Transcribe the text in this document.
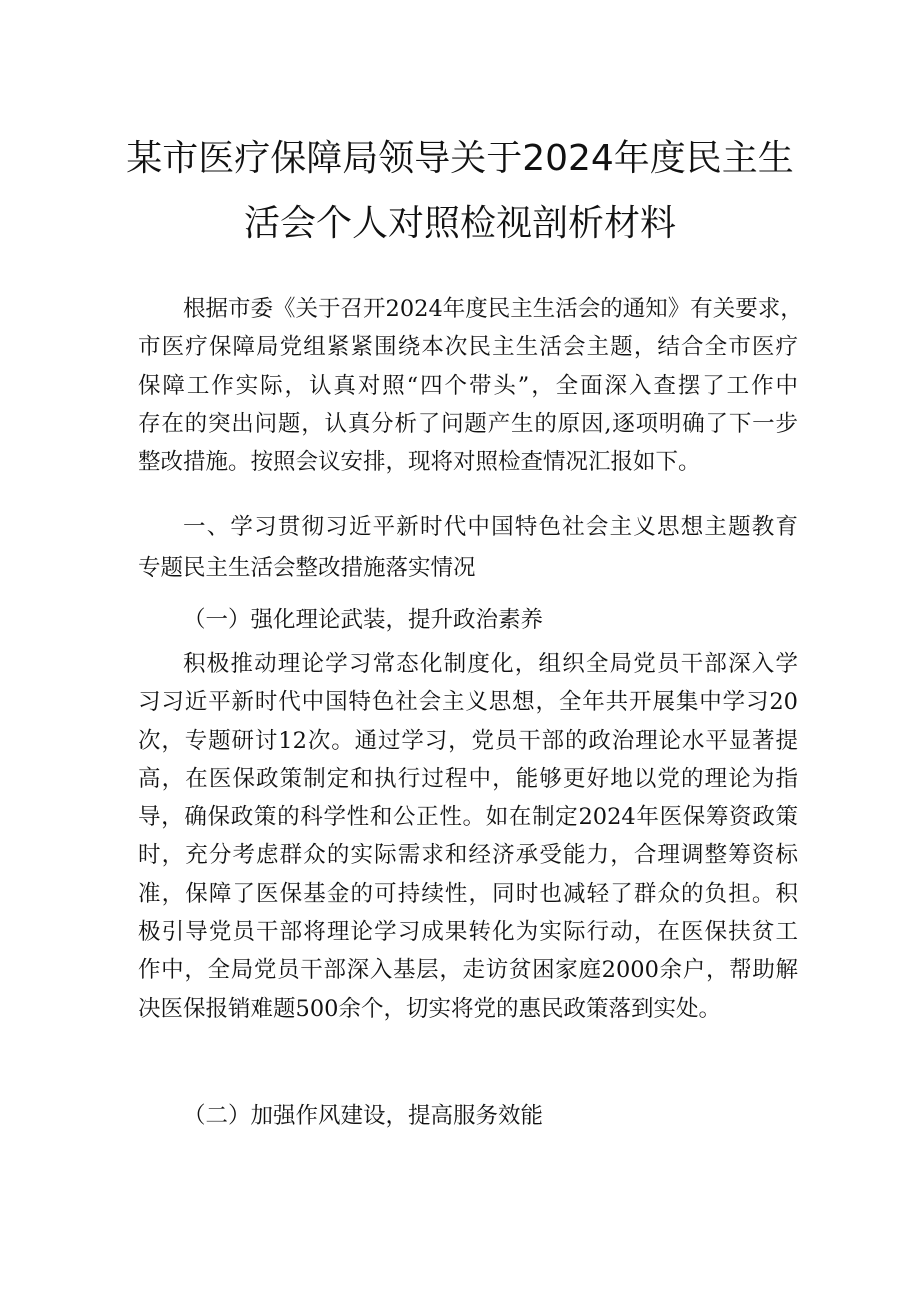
某市医疗保障局领导关于2024年度民主生
活会个人对照检视剖析材料
根据市委《关于召开2024年度民主生活会的通知》有关要求，
市医疗保障局党组紧紧围绕本次民主生活会主题，结合全市医疗
保障工作实际，认真对照“四个带头”，全面深入查摆了工作中
存在的突出问题，认真分析了问题产生的原因,逐项明确了下一步
整改措施。按照会议安排，现将对照检查情况汇报如下。
一、学习贯彻习近平新时代中国特色社会主义思想主题教育
专题民主生活会整改措施落实情况
（一）强化理论武装，提升政治素养
积极推动理论学习常态化制度化，组织全局党员干部深入学
习习近平新时代中国特色社会主义思想，全年共开展集中学习20
次，专题研讨12次。通过学习，党员干部的政治理论水平显著提
高，在医保政策制定和执行过程中，能够更好地以党的理论为指
导，确保政策的科学性和公正性。如在制定2024年医保筹资政策
时，充分考虑群众的实际需求和经济承受能力，合理调整筹资标
准，保障了医保基金的可持续性，同时也减轻了群众的负担。积
极引导党员干部将理论学习成果转化为实际行动，在医保扶贫工
作中，全局党员干部深入基层，走访贫困家庭2000余户，帮助解
决医保报销难题500余个，切实将党的惠民政策落到实处。
（二）加强作风建设，提高服务效能
